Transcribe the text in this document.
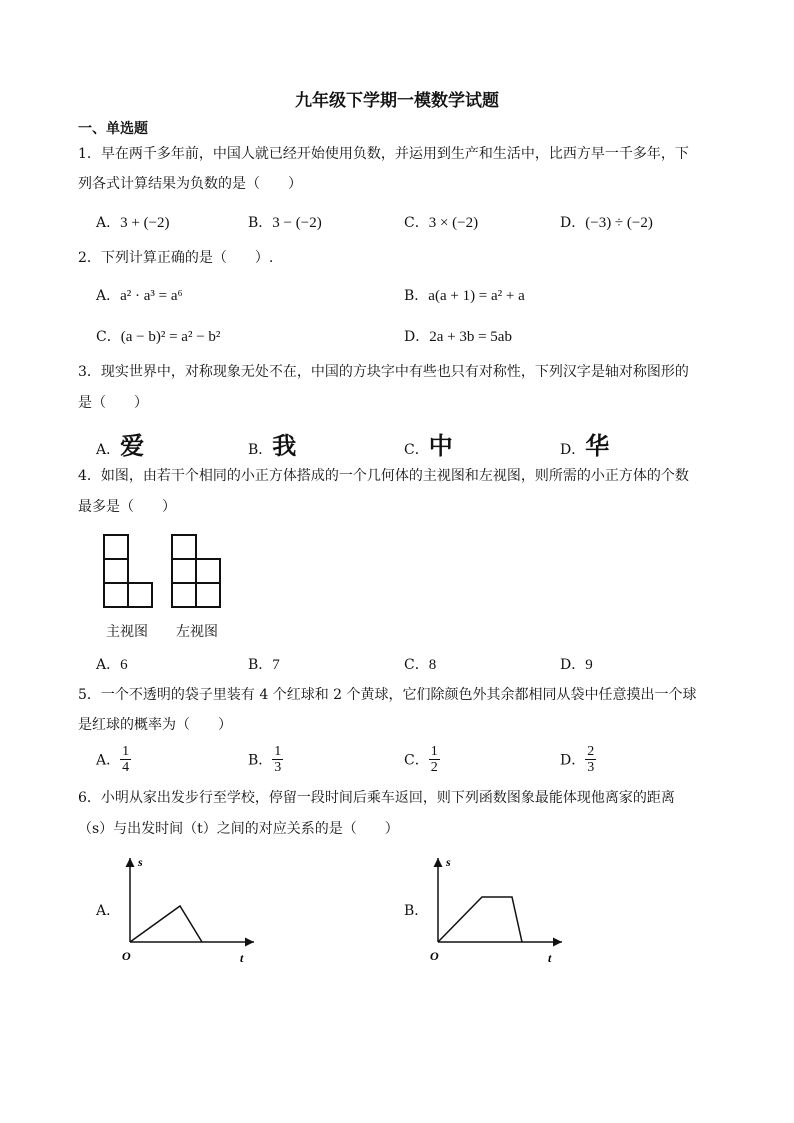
九年级下学期一模数学试题
一、单选题
1．早在两千多年前，中国人就已经开始使用负数，并运用到生产和生活中，比西方早一千多年，下
列各式计算结果为负数的是（　　）
A．3 + (−2)	B．3 − (−2)	C．3 × (−2)	D．(−3) ÷ (−2)
2．下列计算正确的是（　　）.
A．a² · a³ = a⁶	B．a(a + 1) = a² + a
C．(a − b)² = a² − b²	D．2a + 3b = 5ab
3．现实世界中，对称现象无处不在，中国的方块字中有些也只有对称性，下列汉字是轴对称图形的
是（　　）
A．爱	B．我	C．中	D．华
4．如图，由若干个相同的小正方体搭成的一个几何体的主视图和左视图，则所需的小正方体的个数
最多是（　　）
主视图 左视图
A．6	B．7	C．8	D．9
5．一个不透明的袋子里装有 4 个红球和 2 个黄球，它们除颜色外其余都相同从袋中任意摸出一个球
是红球的概率为（　　）
A． $\frac{1}{4}$	B． $\frac{1}{3}$	C． $\frac{1}{2}$	D． $\frac{2}{3}$
6．小明从家出发步行至学校，停留一段时间后乘车返回，则下列函数图象最能体现他离家的距离
（s）与出发时间（t）之间的对应关系的是（　　）
A．
s
t
O
B．
s
t
O
